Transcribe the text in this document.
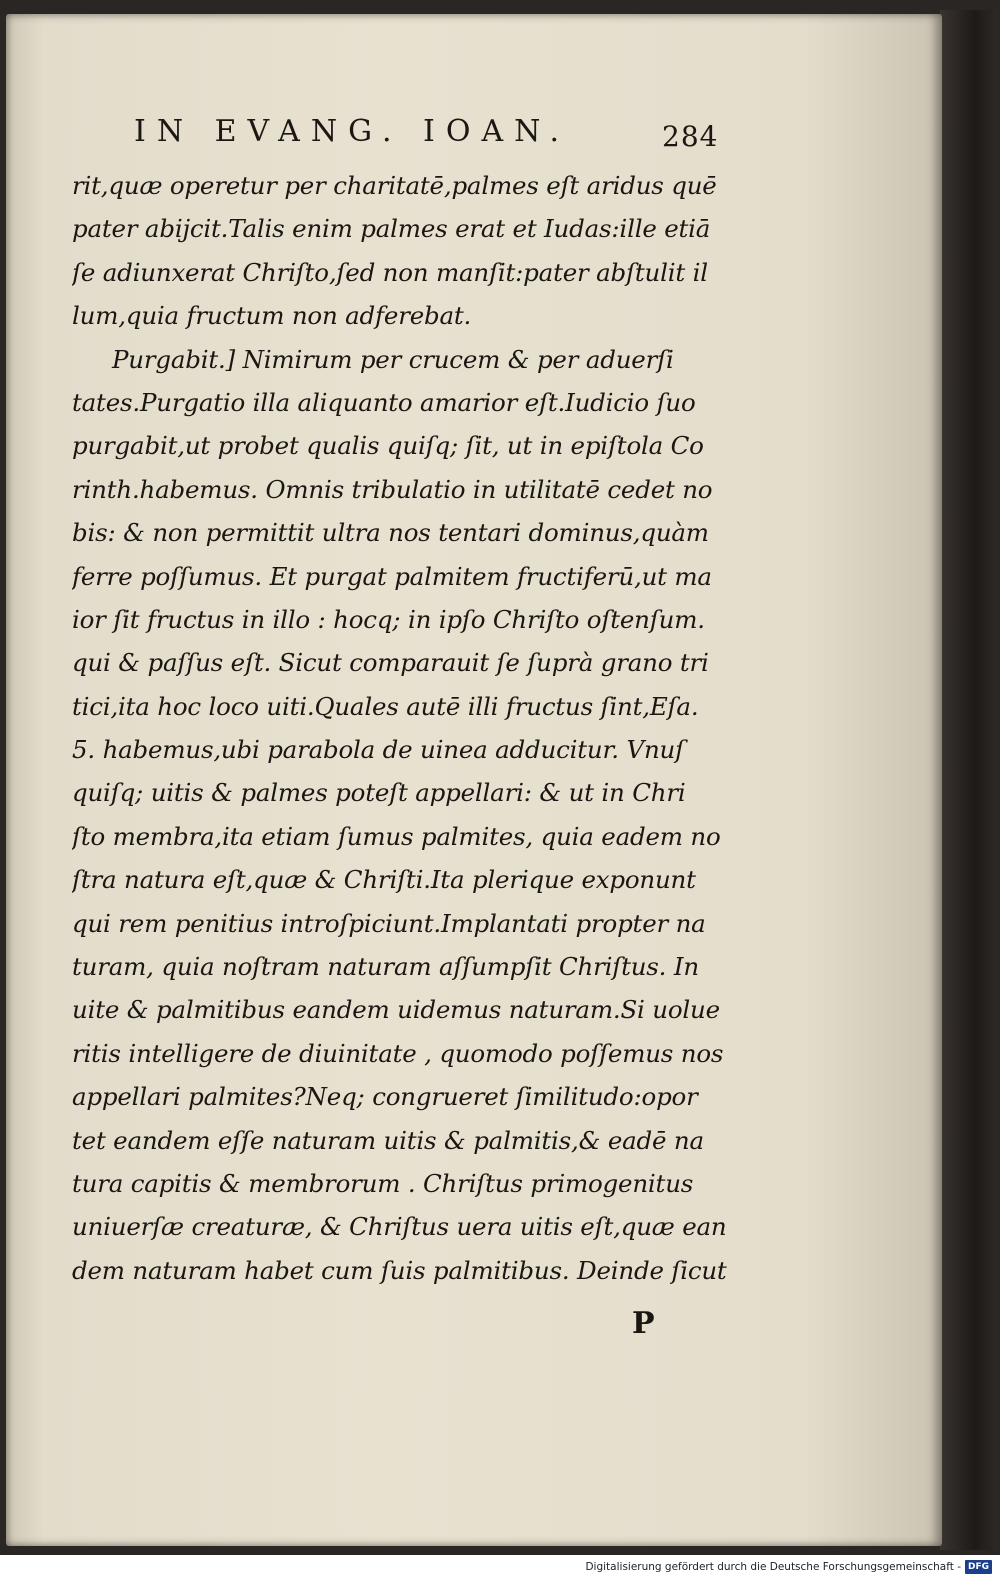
IN EVANG. IOAN.	284
rit,quæ operetur per charitatē,palmes eſt aridus quē
pater abijcit.Talis enim palmes erat et Iudas:ille etiā
ſe adiunxerat Chriſto,ſed non manſit:pater abſtulit il
lum,quia fructum non adferebat.
Purgabit.] Nimirum per crucem & per aduerſi
tates.Purgatio illa aliquanto amarior eſt.Iudicio ſuo
purgabit,ut probet qualis quiſq; ſit, ut in epiſtola Co
rinth.habemus. Omnis tribulatio in utilitatē cedet no
bis: & non permittit ultra nos tentari dominus,quàm
ferre poſſumus. Et purgat palmitem fructiferū,ut ma
ior ſit fructus in illo : hocq; in ipſo Chriſto oſtenſum.
qui & paſſus eſt. Sicut comparauit ſe ſuprà grano tri
tici,ita hoc loco uiti.Quales autē illi fructus ſint,Eſa.
5. habemus,ubi parabola de uinea adducitur. Vnuſ
quiſq; uitis & palmes poteſt appellari: & ut in Chri
ſto membra,ita etiam ſumus palmites, quia eadem no
ſtra natura eſt,quæ & Chriſti.Ita plerique exponunt
qui rem penitius introſpiciunt.Implantati propter na
turam, quia noſtram naturam aſſumpſit Chriſtus. In
uite & palmitibus eandem uidemus naturam.Si uolue
ritis intelligere de diuinitate , quomodo poſſemus nos
appellari palmites?Neq; congrueret ſimilitudo:opor
tet eandem eſſe naturam uitis & palmitis,& eadē na
tura capitis & membrorum . Chriſtus primogenitus
uniuerſæ creaturæ, & Chriſtus uera uitis eſt,quæ ean
dem naturam habet cum ſuis palmitibus. Deinde ſicut
P
Digitalisierung gefördert durch die Deutsche Forschungsgemeinschaft - DFG
